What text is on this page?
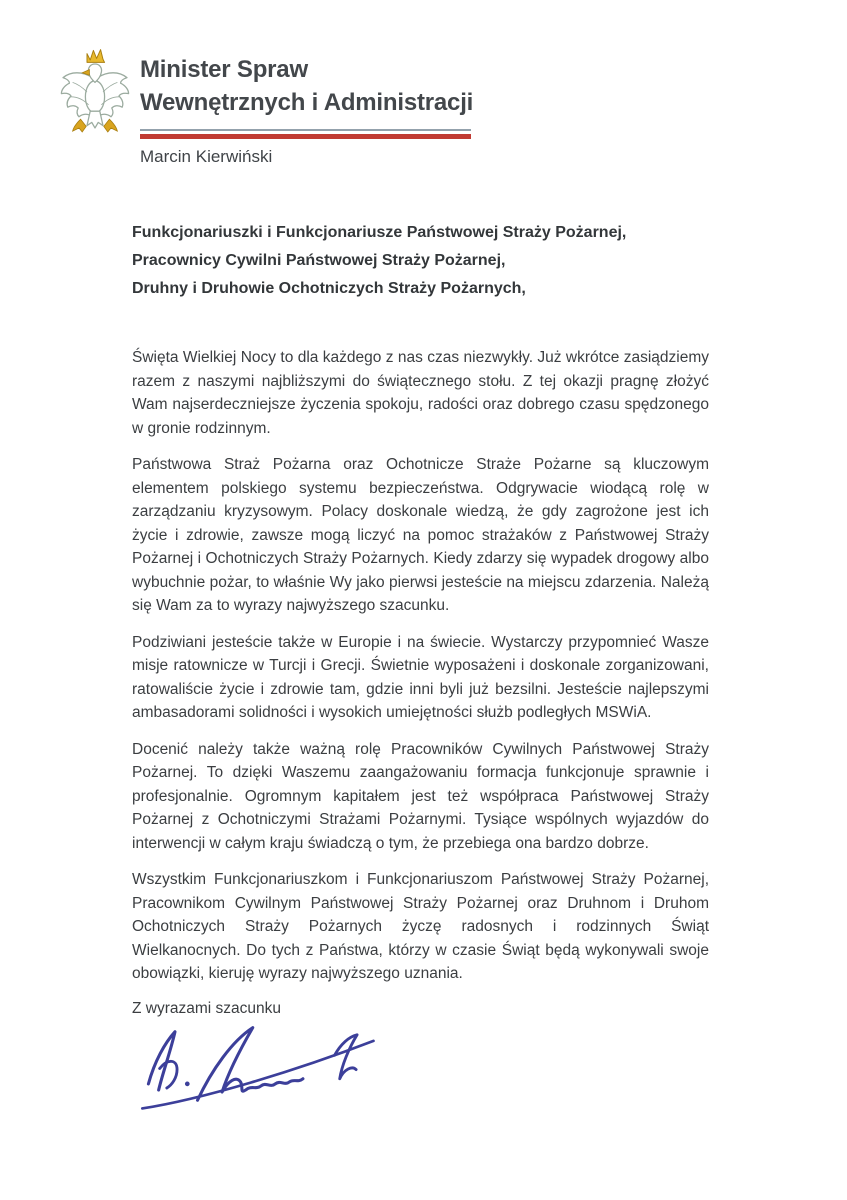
Minister Spraw
Wewnętrznych i Administracji
Marcin Kierwiński
Funkcjonariuszki i Funkcjonariusze Państwowej Straży Pożarnej,
Pracownicy Cywilni Państwowej Straży Pożarnej,
Druhny i Druhowie Ochotniczych Straży Pożarnych,

Święta Wielkiej Nocy to dla każdego z nas czas niezwykły. Już wkrótce zasiądziemy razem z naszymi najbliższymi do świątecznego stołu. Z tej okazji pragnę złożyć Wam najserdeczniejsze życzenia spokoju, radości oraz dobrego czasu spędzonego w gronie rodzinnym.

Państwowa Straż Pożarna oraz Ochotnicze Straże Pożarne są kluczowym elementem polskiego systemu bezpieczeństwa. Odgrywacie wiodącą rolę w zarządzaniu kryzysowym. Polacy doskonale wiedzą, że gdy zagrożone jest ich życie i zdrowie, zawsze mogą liczyć na pomoc strażaków z Państwowej Straży Pożarnej i Ochotniczych Straży Pożarnych. Kiedy zdarzy się wypadek drogowy albo wybuchnie pożar, to właśnie Wy jako pierwsi jesteście na miejscu zdarzenia. Należą się Wam za to wyrazy najwyższego szacunku.

Podziwiani jesteście także w Europie i na świecie. Wystarczy przypomnieć Wasze misje ratownicze w Turcji i Grecji. Świetnie wyposażeni i doskonale zorganizowani, ratowaliście życie i zdrowie tam, gdzie inni byli już bezsilni. Jesteście najlepszymi ambasadorami solidności i wysokich umiejętności służb podległych MSWiA.

Docenić należy także ważną rolę Pracowników Cywilnych Państwowej Straży Pożarnej. To dzięki Waszemu zaangażowaniu formacja funkcjonuje sprawnie i profesjonalnie. Ogromnym kapitałem jest też współpraca Państwowej Straży Pożarnej z Ochotniczymi Strażami Pożarnymi. Tysiące wspólnych wyjazdów do interwencji w całym kraju świadczą o tym, że przebiega ona bardzo dobrze.

Wszystkim Funkcjonariuszkom i Funkcjonariuszom Państwowej Straży Pożarnej, Pracownikom Cywilnym Państwowej Straży Pożarnej oraz Druhnom i Druhom Ochotniczych Straży Pożarnych życzę radosnych i rodzinnych Świąt Wielkanocnych. Do tych z Państwa, którzy w czasie Świąt będą wykonywali swoje obowiązki, kieruję wyrazy najwyższego uznania.

Z wyrazami szacunku
